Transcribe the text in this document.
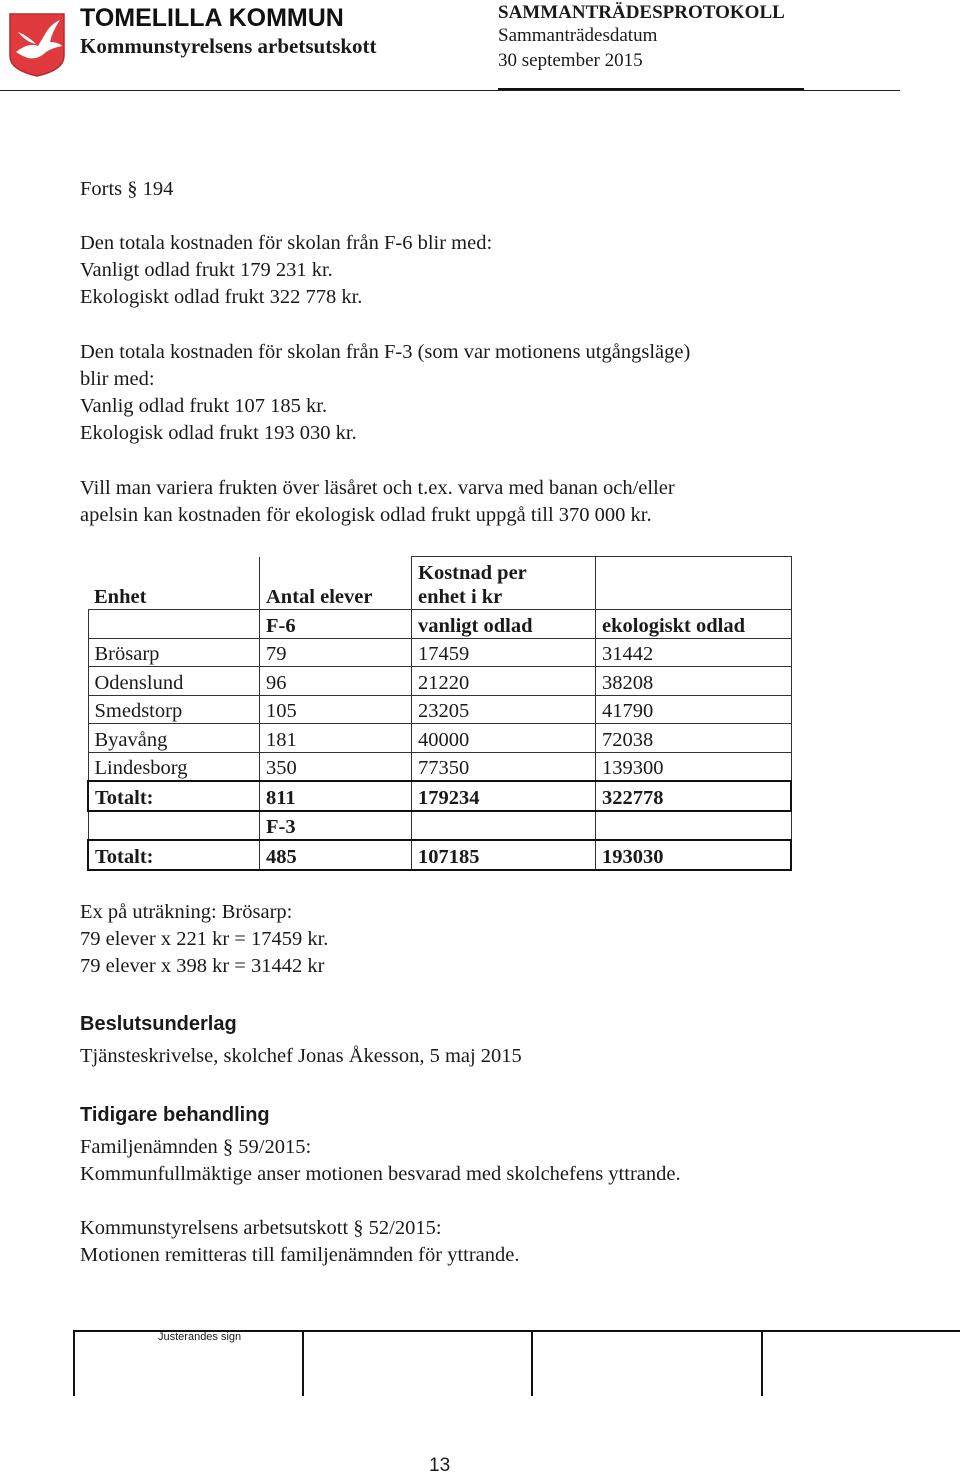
TOMELILLA KOMMUN
Kommunstyrelsens arbetsutskott
SAMMANTRÄDESPROTOKOLL
Sammanträdesdatum
30 september 2015
Forts § 194
Den totala kostnaden för skolan från F-6 blir med:
Vanligt odlad frukt 179 231 kr.
Ekologiskt odlad frukt 322 778 kr.
Den totala kostnaden för skolan från F-3 (som var motionens utgångsläge)
blir med:
Vanlig odlad frukt 107 185 kr.
Ekologisk odlad frukt 193 030 kr.
Vill man variera frukten över läsåret och t.ex. varva med banan och/eller
apelsin kan kostnaden för ekologisk odlad frukt uppgå till 370 000 kr.
Enhet	Antal elever	Kostnad per
enhet i kr	

	F-6	vanligt odlad	ekologiskt odlad
Brösarp	79	17459	31442
Odenslund	96	21220	38208
Smedstorp	105	23205	41790
Byavång	181	40000	72038
Lindesborg	350	77350	139300
Totalt:	811	179234	322778
	F-3		
Totalt:	485	107185	193030
Ex på uträkning: Brösarp:
79 elever x 221 kr = 17459 kr.
79 elever x 398 kr = 31442 kr
Beslutsunderlag
Tjänsteskrivelse, skolchef Jonas Åkesson, 5 maj 2015
Tidigare behandling
Familjenämnden § 59/2015:
Kommunfullmäktige anser motionen besvarad med skolchefens yttrande.
Kommunstyrelsens arbetsutskott § 52/2015:
Motionen remitteras till familjenämnden för yttrande.
Justerandes sign
13
